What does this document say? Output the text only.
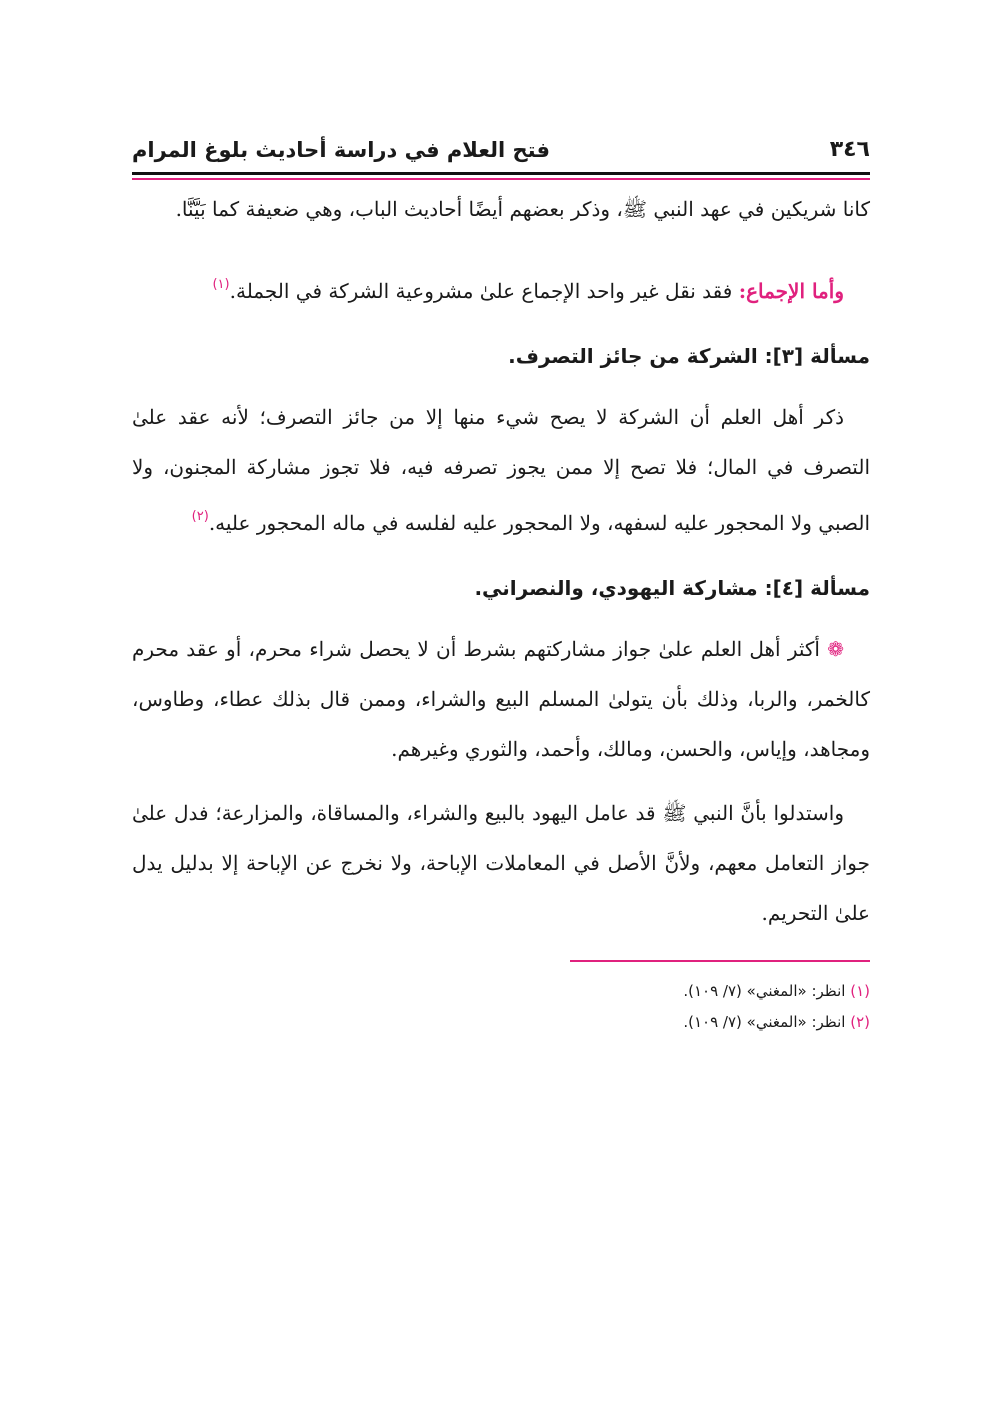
٣٤٦
فتح العلام في دراسة أحاديث بلوغ المرام

كانا شريكين في عهد النبي ﷺ، وذكر بعضهم أيضًا أحاديث الباب، وهي ضعيفة كما بَيَّنَّا.

وأما الإجماع: فقد نقل غير واحد الإجماع علىٰ مشروعية الشركة في الجملة.$^{(١)}$

مسألة [٣]: الشركة من جائز التصرف.

ذكر أهل العلم أن الشركة لا يصح شيء منها إلا من جائز التصرف؛ لأنه عقد علىٰ التصرف في المال؛ فلا تصح إلا ممن يجوز تصرفه فيه، فلا تجوز مشاركة المجنون، ولا الصبي ولا المحجور عليه لسفهه، ولا المحجور عليه لفلسه في ماله المحجور عليه.$^{(٢)}$

مسألة [٤]: مشاركة اليهودي، والنصراني.

❁ أكثر أهل العلم علىٰ جواز مشاركتهم بشرط أن لا يحصل شراء محرم، أو عقد محرم كالخمر، والربا، وذلك بأن يتولىٰ المسلم البيع والشراء، وممن قال بذلك عطاء، وطاوس، ومجاهد، وإياس، والحسن، ومالك، وأحمد، والثوري وغيرهم.

واستدلوا بأنَّ النبي ﷺ قد عامل اليهود بالبيع والشراء، والمساقاة، والمزارعة؛ فدل علىٰ جواز التعامل معهم، ولأنَّ الأصل في المعاملات الإباحة، ولا نخرج عن الإباحة إلا بدليل يدل علىٰ التحريم.

(١) انظر: «المغني» (٧/ ١٠٩).
(٢) انظر: «المغني» (٧/ ١٠٩).
